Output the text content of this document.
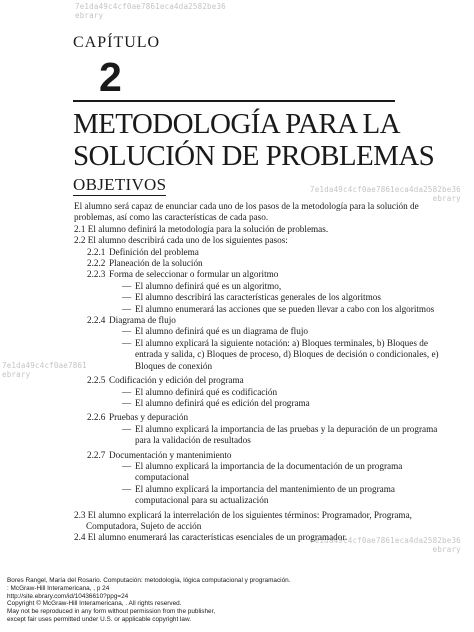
7e1da49c4cf0ae7861eca4da2582be36
ebrary
7e1da49c4cf0ae7861eca4da2582be36
ebrary
7e1da49c4cf0ae7861
ebrary
7e1da49c4cf0ae7861eca4da2582be36
ebrary
CAPÍTULO
2
METODOLOGÍA PARA LA
SOLUCIÓN DE PROBLEMAS
OBJETIVOS

El alumno será capaz de enunciar cada uno de los pasos de la metodología para la solución de problemas, así como las características de cada paso.

2.1 El alumno definirá la metodología para la solución de problemas.

2.2 El alumno describirá cada uno de los siguientes pasos:

2.2.1 Definición del problema
2.2.2 Planeación de la solución
2.2.3 Forma de seleccionar o formular un algoritmo
— El alumno definirá qué es un algoritmo,
— El alumno describirá las características generales de los algoritmos
— El alumno enumerará las acciones que se pueden llevar a cabo con los algoritmos
2.2.4 Diagrama de flujo
— El alumno definirá qué es un diagrama de flujo
— El alumno explicará la siguiente notación: a) Bloques terminales, b) Bloques de entrada y salida, c) Bloques de proceso, d) Bloques de decisión o condicionales, e) Bloques de conexión
2.2.5 Codificación y edición del programa
— El alumno definirá qué es codificación
— El alumno definirá qué es edición del programa
2.2.6 Pruebas y depuración
— El alumno explicará la importancia de las pruebas y la depuración de un programa para la validación de resultados
2.2.7 Documentación y mantenimiento
— El alumno explicará la importancia de la documentación de un programa computacional
— El alumno explicará la importancia del mantenimiento de un programa computacional para su actualización

2.3 El alumno explicará la interrelación de los siguientes términos: Programador, Programa, Computadora, Sujeto de acción

2.4 El alumno enumerará las características esenciales de un programador.

Bores Rangel, María del Rosario. Computación: metodología, lógica computacional y programación.

: McGraw-Hill Interamericana, , p 24

http://site.ebrary.com/id/10436610?ppg=24

Copyright © McGraw-Hill Interamericana, . All rights reserved.

May not be reproduced in any form without permission from the publisher,

except fair uses permitted under U.S. or applicable copyright law.
